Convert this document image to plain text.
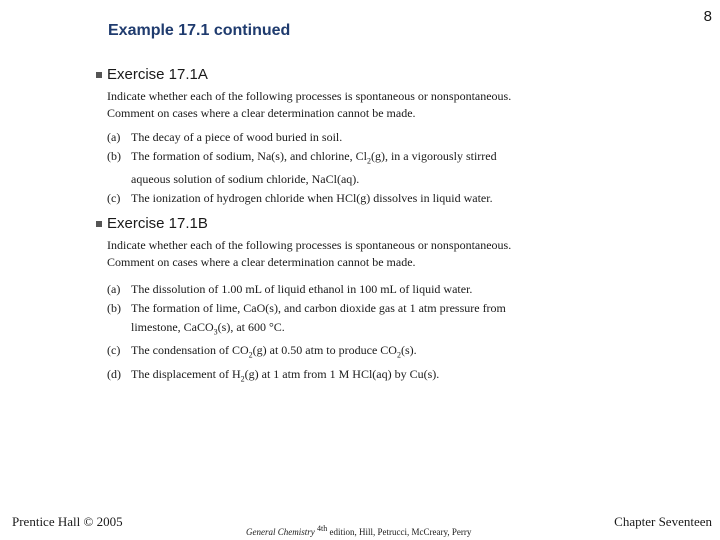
8
Example 17.1 continued
Exercise 17.1A
Indicate whether each of the following processes is spontaneous or nonspontaneous.
Comment on cases where a clear determination cannot be made.
(a) The decay of a piece of wood buried in soil.
(b) The formation of sodium, Na(s), and chlorine, $Cl_2(g)$, in a vigorously stirred
aqueous solution of sodium chloride, NaCl(aq).
(c) The ionization of hydrogen chloride when HCl(g) dissolves in liquid water.
Exercise 17.1B
Indicate whether each of the following processes is spontaneous or nonspontaneous.
Comment on cases where a clear determination cannot be made.
(a) The dissolution of 1.00 mL of liquid ethanol in 100 mL of liquid water.
(b) The formation of lime, CaO(s), and carbon dioxide gas at 1 atm pressure from
limestone, CaCO$_3$(s), at 600 °C.
(c) The condensation of $CO_2(g)$ at 0.50 atm to produce $CO_2(s)$.
(d) The displacement of $H_2(g)$ at 1 atm from 1 M HCl(aq) by Cu(s).
Prentice Hall © 2005
General Chemistry $^{4th}$ edition, Hill, Petrucci, McCreary, Perry
Chapter Seventeen
